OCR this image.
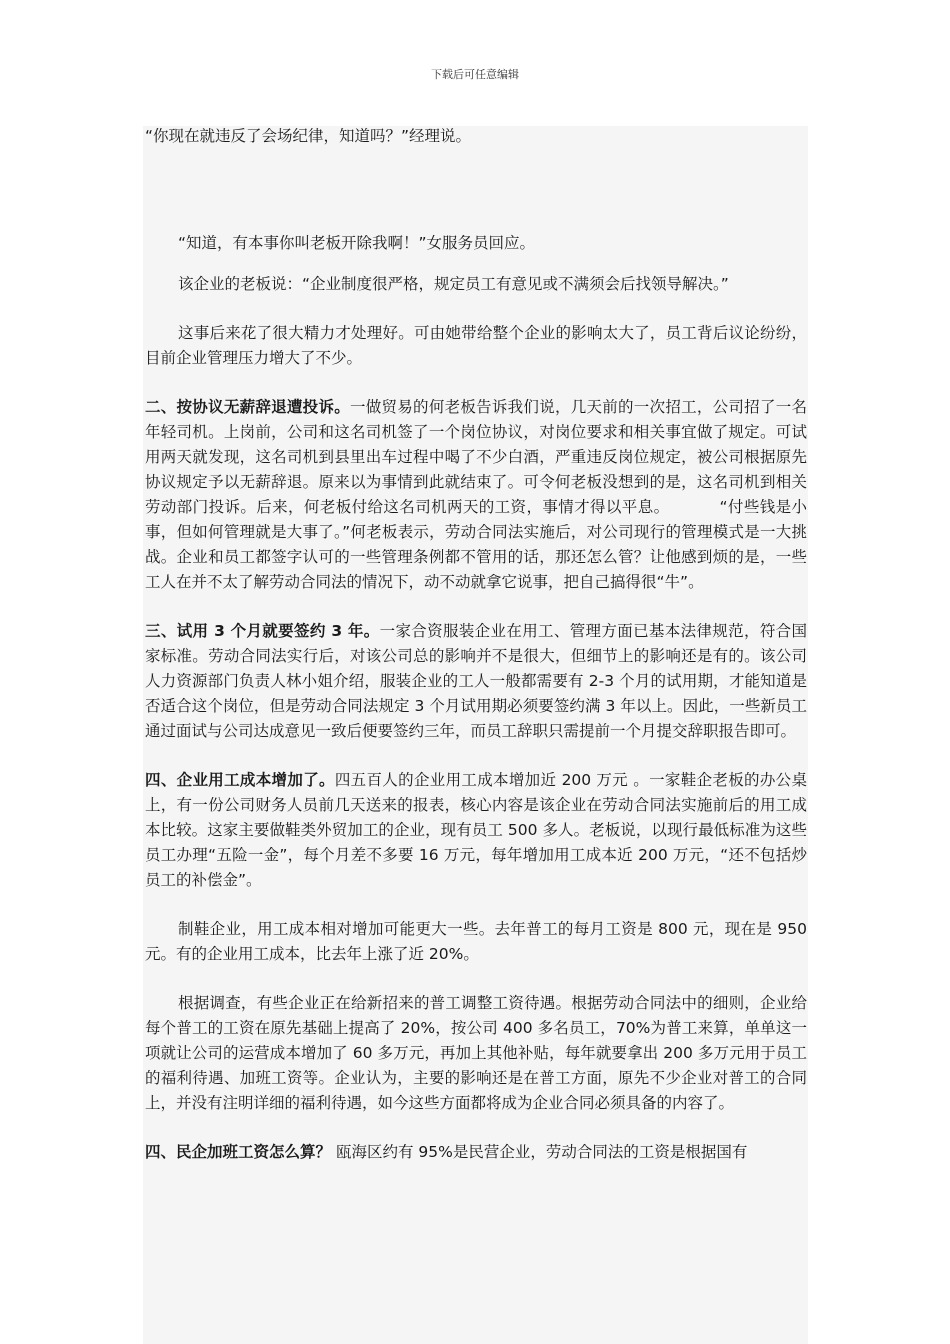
下载后可任意编辑

“你现在就违反了会场纪律，知道吗？”经理说。

“知道，有本事你叫老板开除我啊！”女服务员回应。

该企业的老板说：“企业制度很严格，规定员工有意见或不满须会后找领导解决。”

这事后来花了很大精力才处理好。可由她带给整个企业的影响太大了，员工背后议论纷纷，目前企业管理压力增大了不少。

二、按协议无薪辞退遭投诉。一做贸易的何老板告诉我们说，几天前的一次招工，公司招了一名年轻司机。上岗前，公司和这名司机签了一个岗位协议，对岗位要求和相关事宜做了规定。可试用两天就发现，这名司机到县里出车过程中喝了不少白酒，严重违反岗位规定，被公司根据原先协议规定予以无薪辞退。原来以为事情到此就结束了。可令何老板没想到的是，这名司机到相关劳动部门投诉。后来，何老板付给这名司机两天的工资，事情才得以平息。	“付些钱是小事，但如何管理就是大事了。”何老板表示，劳动合同法实施后，对公司现行的管理模式是一大挑战。企业和员工都签字认可的一些管理条例都不管用的话，那还怎么管？让他感到烦的是，一些工人在并不太了解劳动合同法的情况下，动不动就拿它说事，把自己搞得很“牛”。

三、试用 3 个月就要签约 3 年。一家合资服装企业在用工、管理方面已基本法律规范，符合国家标准。劳动合同法实行后，对该公司总的影响并不是很大，但细节上的影响还是有的。该公司人力资源部门负责人林小姐介绍，服装企业的工人一般都需要有 2-3 个月的试用期，才能知道是否适合这个岗位，但是劳动合同法规定 3 个月试用期必须要签约满 3 年以上。因此，一些新员工通过面试与公司达成意见一致后便要签约三年，而员工辞职只需提前一个月提交辞职报告即可。

四、企业用工成本增加了。四五百人的企业用工成本增加近 200 万元 。一家鞋企老板的办公桌上，有一份公司财务人员前几天送来的报表，核心内容是该企业在劳动合同法实施前后的用工成本比较。这家主要做鞋类外贸加工的企业，现有员工 500 多人。老板说，以现行最低标准为这些员工办理“五险一金”，每个月差不多要 16 万元，每年增加用工成本近 200 万元，“还不包括炒员工的补偿金”。

制鞋企业，用工成本相对增加可能更大一些。去年普工的每月工资是 800 元，现在是 950 元。有的企业用工成本，比去年上涨了近 20%。

根据调查，有些企业正在给新招来的普工调整工资待遇。根据劳动合同法中的细则，企业给每个普工的工资在原先基础上提高了 20%，按公司 400 多名员工，70%为普工来算，单单这一项就让公司的运营成本增加了 60 多万元，再加上其他补贴，每年就要拿出 200 多万元用于员工的福利待遇、加班工资等。企业认为，主要的影响还是在普工方面，原先不少企业对普工的合同上，并没有注明详细的福利待遇，如今这些方面都将成为企业合同必须具备的内容了。

四、民企加班工资怎么算？ 瓯海区约有 95%是民营企业，劳动合同法的工资是根据国有
